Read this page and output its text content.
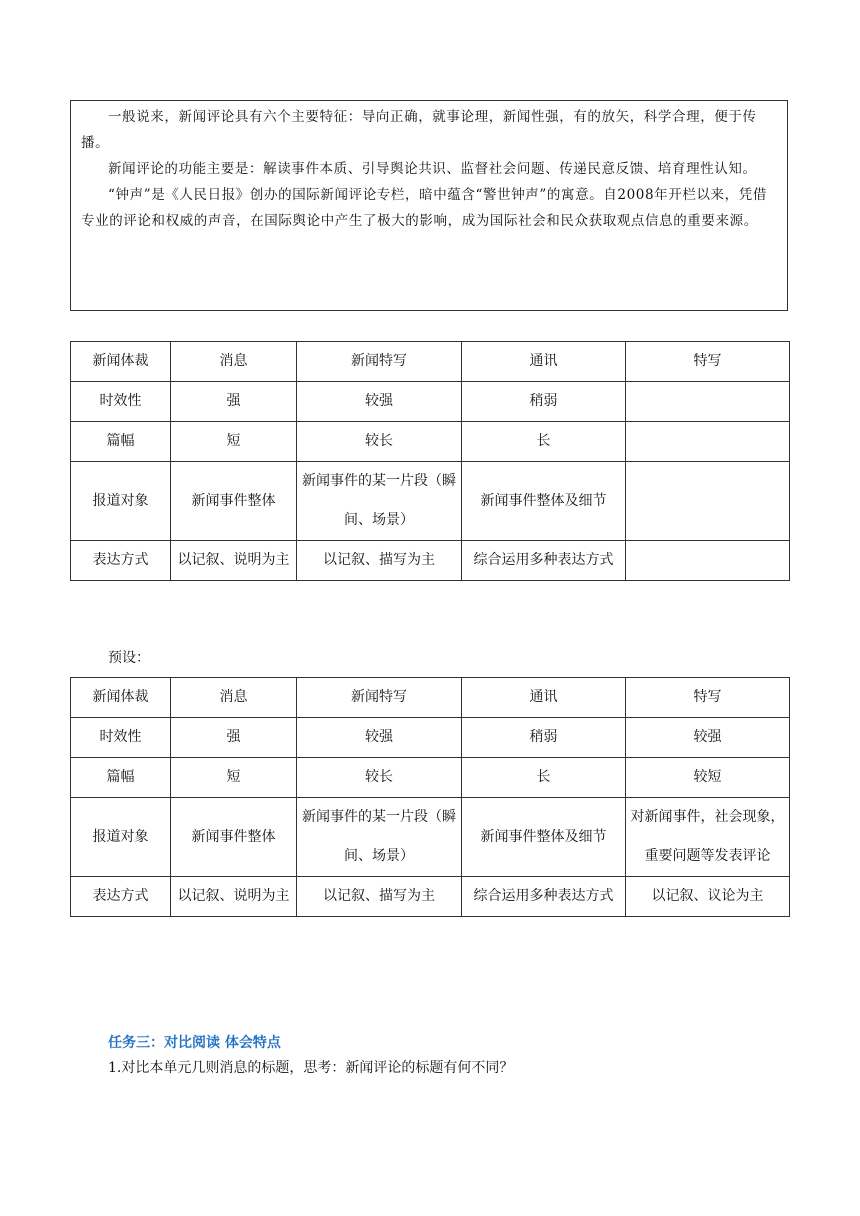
一般说来，新闻评论具有六个主要特征：导向正确，就事论理，新闻性强，有的放矢，科学合理，便于传播。

新闻评论的功能主要是：解读事件本质、引导舆论共识、监督社会问题、传递民意反馈、培育理性认知。

“钟声”是《人民日报》创办的国际新闻评论专栏，暗中蕴含“警世钟声”的寓意。自2008年开栏以来，凭借专业的评论和权威的声音，在国际舆论中产生了极大的影响，成为国际社会和民众获取观点信息的重要来源。

新闻体裁	消息	新闻特写	通讯	特写
时效性	强	较强	稍弱	
篇幅	短	较长	长	
报道对象	新闻事件整体	新闻事件的某一片段（瞬间、场景）	新闻事件整体及细节	
表达方式	以记叙、说明为主	以记叙、描写为主	综合运用多种表达方式	
预设：
新闻体裁	消息	新闻特写	通讯	特写
时效性	强	较强	稍弱	较强
篇幅	短	较长	长	较短
报道对象	新闻事件整体	新闻事件的某一片段（瞬间、场景）	新闻事件整体及细节	对新闻事件，社会现象，重要问题等发表评论
表达方式	以记叙、说明为主	以记叙、描写为主	综合运用多种表达方式	以记叙、议论为主
任务三：对比阅读 体会特点
1.对比本单元几则消息的标题，思考：新闻评论的标题有何不同？
